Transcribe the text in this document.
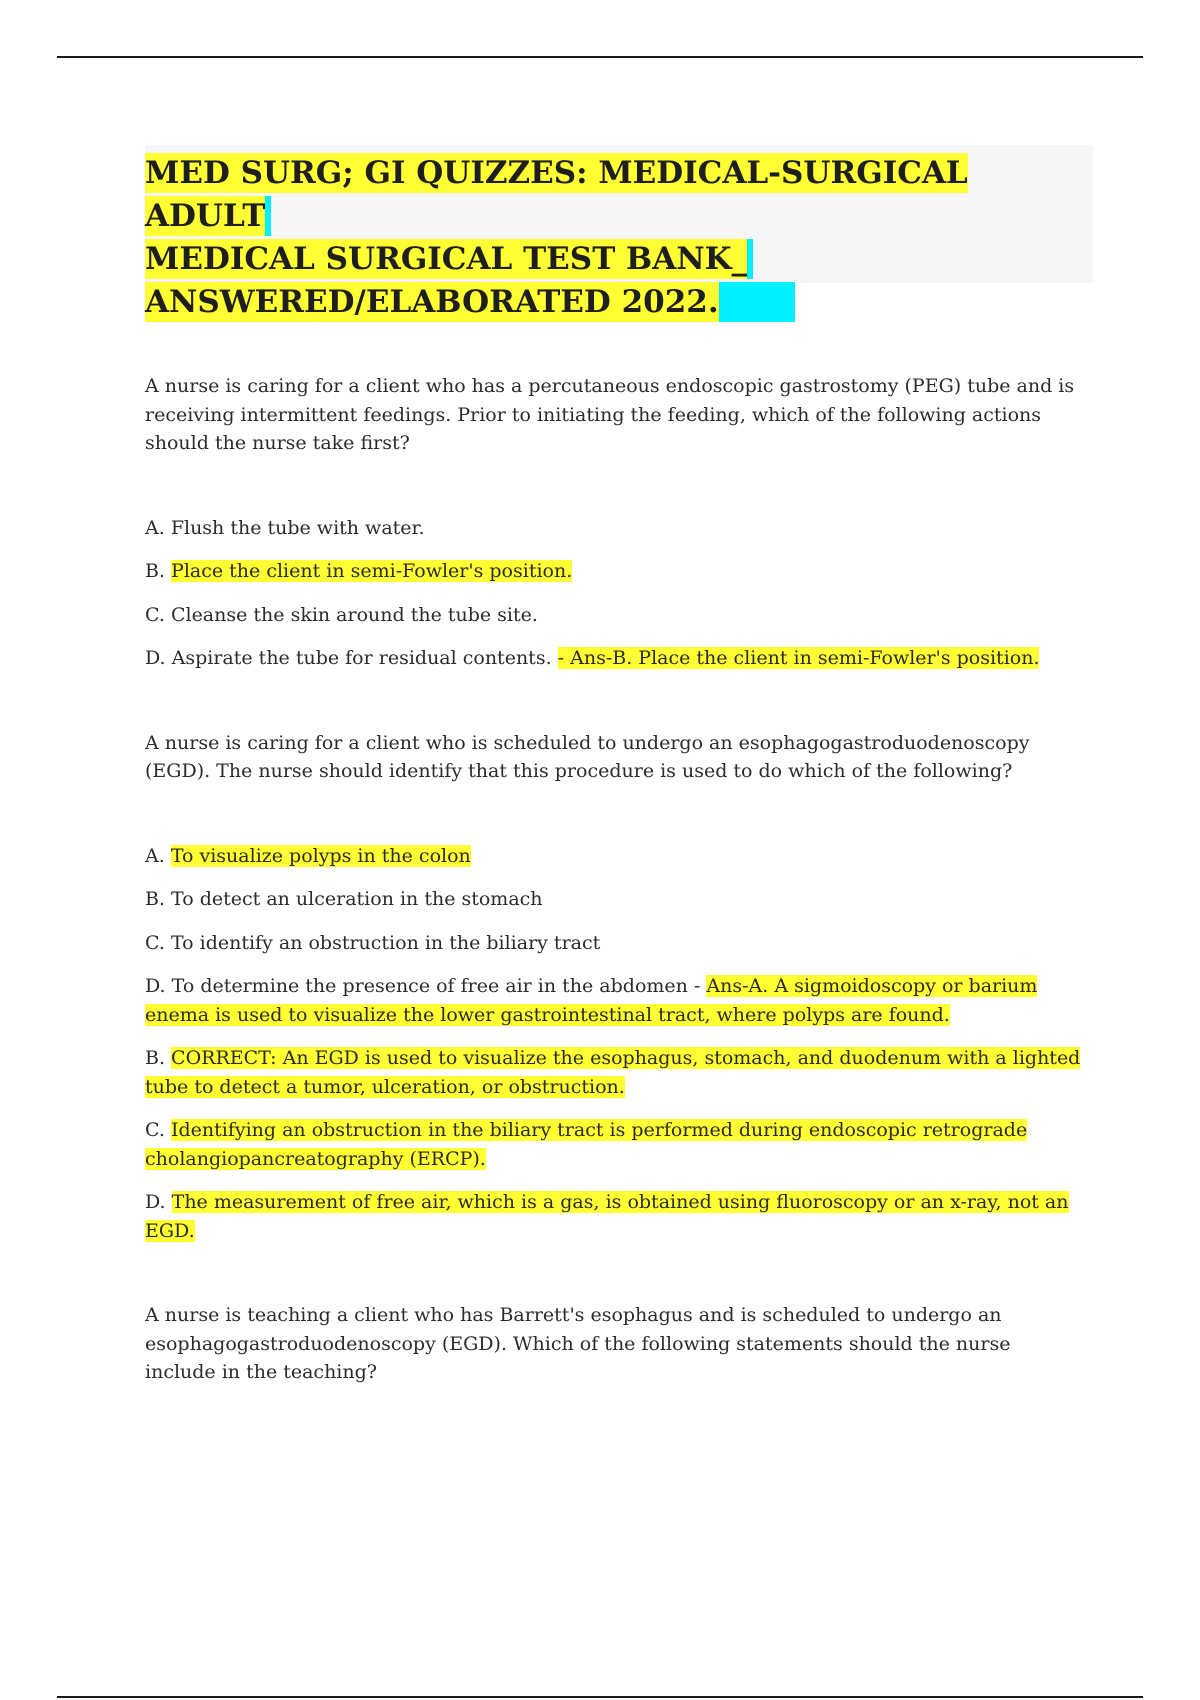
MED SURG; GI QUIZZES: MEDICAL-SURGICAL ADULT
MEDICAL SURGICAL TEST BANK_
ANSWERED/ELABORATED 2022.

A nurse is caring for a client who has a percutaneous endoscopic gastrostomy (PEG) tube and is receiving intermittent feedings. Prior to initiating the feeding, which of the following actions should the nurse take first?

A. Flush the tube with water.

B. Place the client in semi-Fowler's position.

C. Cleanse the skin around the tube site.

D. Aspirate the tube for residual contents. - Ans-B. Place the client in semi-Fowler's position.

A nurse is caring for a client who is scheduled to undergo an esophagogastroduodenoscopy (EGD). The nurse should identify that this procedure is used to do which of the following?

A. To visualize polyps in the colon

B. To detect an ulceration in the stomach

C. To identify an obstruction in the biliary tract

D. To determine the presence of free air in the abdomen - Ans-A. A sigmoidoscopy or barium enema is used to visualize the lower gastrointestinal tract, where polyps are found.

B. CORRECT: An EGD is used to visualize the esophagus, stomach, and duodenum with a lighted tube to detect a tumor, ulceration, or obstruction.

C. Identifying an obstruction in the biliary tract is performed during endoscopic retrograde cholangiopancreatography (ERCP).

D. The measurement of free air, which is a gas, is obtained using fluoroscopy or an x-ray, not an EGD.

A nurse is teaching a client who has Barrett's esophagus and is scheduled to undergo an esophagogastroduodenoscopy (EGD). Which of the following statements should the nurse include in the teaching?
